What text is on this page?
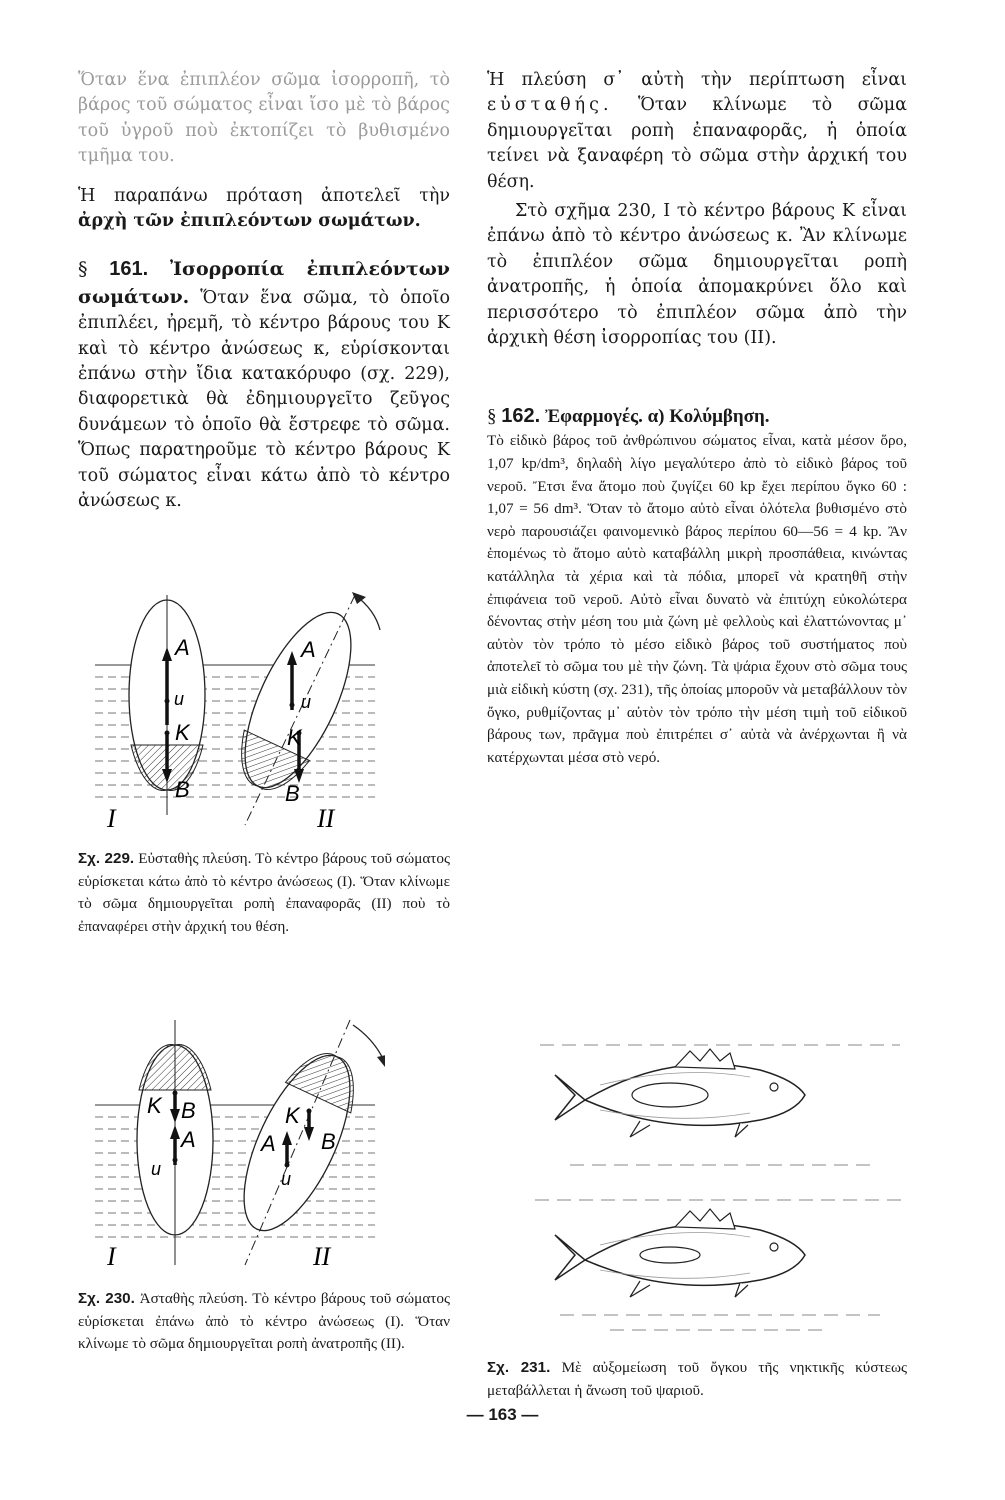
Ὅταν ἕνα ἐπιπλέον σῶμα ἰσορροπῆ, τὸ βάρος τοῦ σώματος εἶναι ἴσο μὲ τὸ βάρος τοῦ ὑγροῦ ποὺ ἐκτοπίζει τὸ βυθισμένο τμῆμα του.

Ἡ παραπάνω πρόταση ἀποτελεῖ τὴν ἀρχὴ τῶν ἐπιπλεόντων σωμάτων.

§ 161. Ἰσορροπία ἐπιπλεόντων σωμάτων. Ὅταν ἕνα σῶμα, τὸ ὁποῖο ἐπιπλέει, ἠρεμῆ, τὸ κέντρο βάρους του Κ καὶ τὸ κέντρο ἀνώσεως κ, εὑρίσκονται ἐπάνω στὴν ἴδια κατακόρυφο (σχ. 229), διαφορετικὰ θὰ ἐδημιουργεῖτο ζεῦγος δυνάμεων τὸ ὁποῖο θὰ ἔστρεφε τὸ σῶμα. Ὅπως παρατηροῦμε τὸ κέντρο βάρους Κ τοῦ σώματος εἶναι κάτω ἀπὸ τὸ κέντρο ἀνώσεως κ.

A
u
K
B
I
A
u
K
B
II

Σχ. 229. Εὐσταθὴς πλεύση. Τὸ κέντρο βάρους τοῦ σώματος εὑρίσκεται κάτω ἀπὸ τὸ κέντρο ἀνώσεως (Ι). Ὅταν κλίνωμε τὸ σῶμα δημιουργεῖται ροπὴ ἐπαναφορᾶς (ΙΙ) ποὺ τὸ ἐπαναφέρει στὴν ἀρχική του θέση.

K B
A
u
I
K
A B
u
II

Σχ. 230. Ἀσταθὴς πλεύση. Τὸ κέντρο βάρους τοῦ σώματος εὑρίσκεται ἐπάνω ἀπὸ τὸ κέντρο ἀνώσεως (Ι). Ὅταν κλίνωμε τὸ σῶμα δημιουργεῖται ροπὴ ἀνατροπῆς (ΙΙ).

Ἡ πλεύση σ᾽ αὐτὴ τὴν περίπτωση εἶναι εὐσταθής. Ὅταν κλίνωμε τὸ σῶμα δημιουργεῖται ροπὴ ἐπαναφορᾶς, ἡ ὁποία τείνει νὰ ξαναφέρη τὸ σῶμα στὴν ἀρχική του θέση.

Στὸ σχῆμα 230, Ι τὸ κέντρο βάρους Κ εἶναι ἐπάνω ἀπὸ τὸ κέντρο ἀνώσεως κ. Ἂν κλίνωμε τὸ ἐπιπλέον σῶμα δημιουργεῖται ροπὴ ἀνατροπῆς, ἡ ὁποία ἀπομακρύνει ὅλο καὶ περισσότερο τὸ ἐπιπλέον σῶμα ἀπὸ τὴν ἀρχικὴ θέση ἰσορροπίας του (ΙΙ).

§ 162. Ἐφαρμογές. α) Κολύμβηση.
Τὸ εἰδικὸ βάρος τοῦ ἀνθρώπινου σώματος εἶναι, κατὰ μέσον ὅρο, 1,07 kp/dm³, δηλαδὴ λίγο μεγαλύτερο ἀπὸ τὸ εἰδικὸ βάρος τοῦ νεροῦ. Ἔτσι ἕνα ἄτομο ποὺ ζυγίζει 60 kp ἔχει περίπου ὄγκο 60 : 1,07 = 56 dm³. Ὅταν τὸ ἄτομο αὐτὸ εἶναι ὁλότελα βυθισμένο στὸ νερὸ παρουσιάζει φαινομενικὸ βάρος περίπου 60—56 = 4 kp. Ἂν ἑπομένως τὸ ἄτομο αὐτὸ καταβάλλη μικρὴ προσπάθεια, κινώντας κατάλληλα τὰ χέρια καὶ τὰ πόδια, μπορεῖ νὰ κρατηθῆ στὴν ἐπιφάνεια τοῦ νεροῦ. Αὐτὸ εἶναι δυνατὸ νὰ ἐπιτύχη εὐκολώτερα δένοντας στὴν μέση του μιὰ ζώνη μὲ φελλοὺς καὶ ἐλαττώνοντας μ᾽ αὐτὸν τὸν τρόπο τὸ μέσο εἰδικὸ βάρος τοῦ συστήματος ποὺ ἀποτελεῖ τὸ σῶμα του μὲ τὴν ζώνη. Τὰ ψάρια ἔχουν στὸ σῶμα τους μιὰ εἰδικὴ κύστη (σχ. 231), τῆς ὁποίας μποροῦν νὰ μεταβάλλουν τὸν ὄγκο, ρυθμίζοντας μ᾽ αὐτὸν τὸν τρόπο τὴν μέση τιμὴ τοῦ εἰδικοῦ βάρους των, πρᾶγμα ποὺ ἐπιτρέπει σ᾽ αὐτὰ νὰ ἀνέρχωνται ἢ νὰ κατέρχωνται μέσα στὸ νερό.

Σχ. 231. Μὲ αὐξομείωση τοῦ ὄγκου τῆς νηκτικῆς κύστεως μεταβάλλεται ἡ ἄνωση τοῦ ψαριοῦ.

— 163 —
